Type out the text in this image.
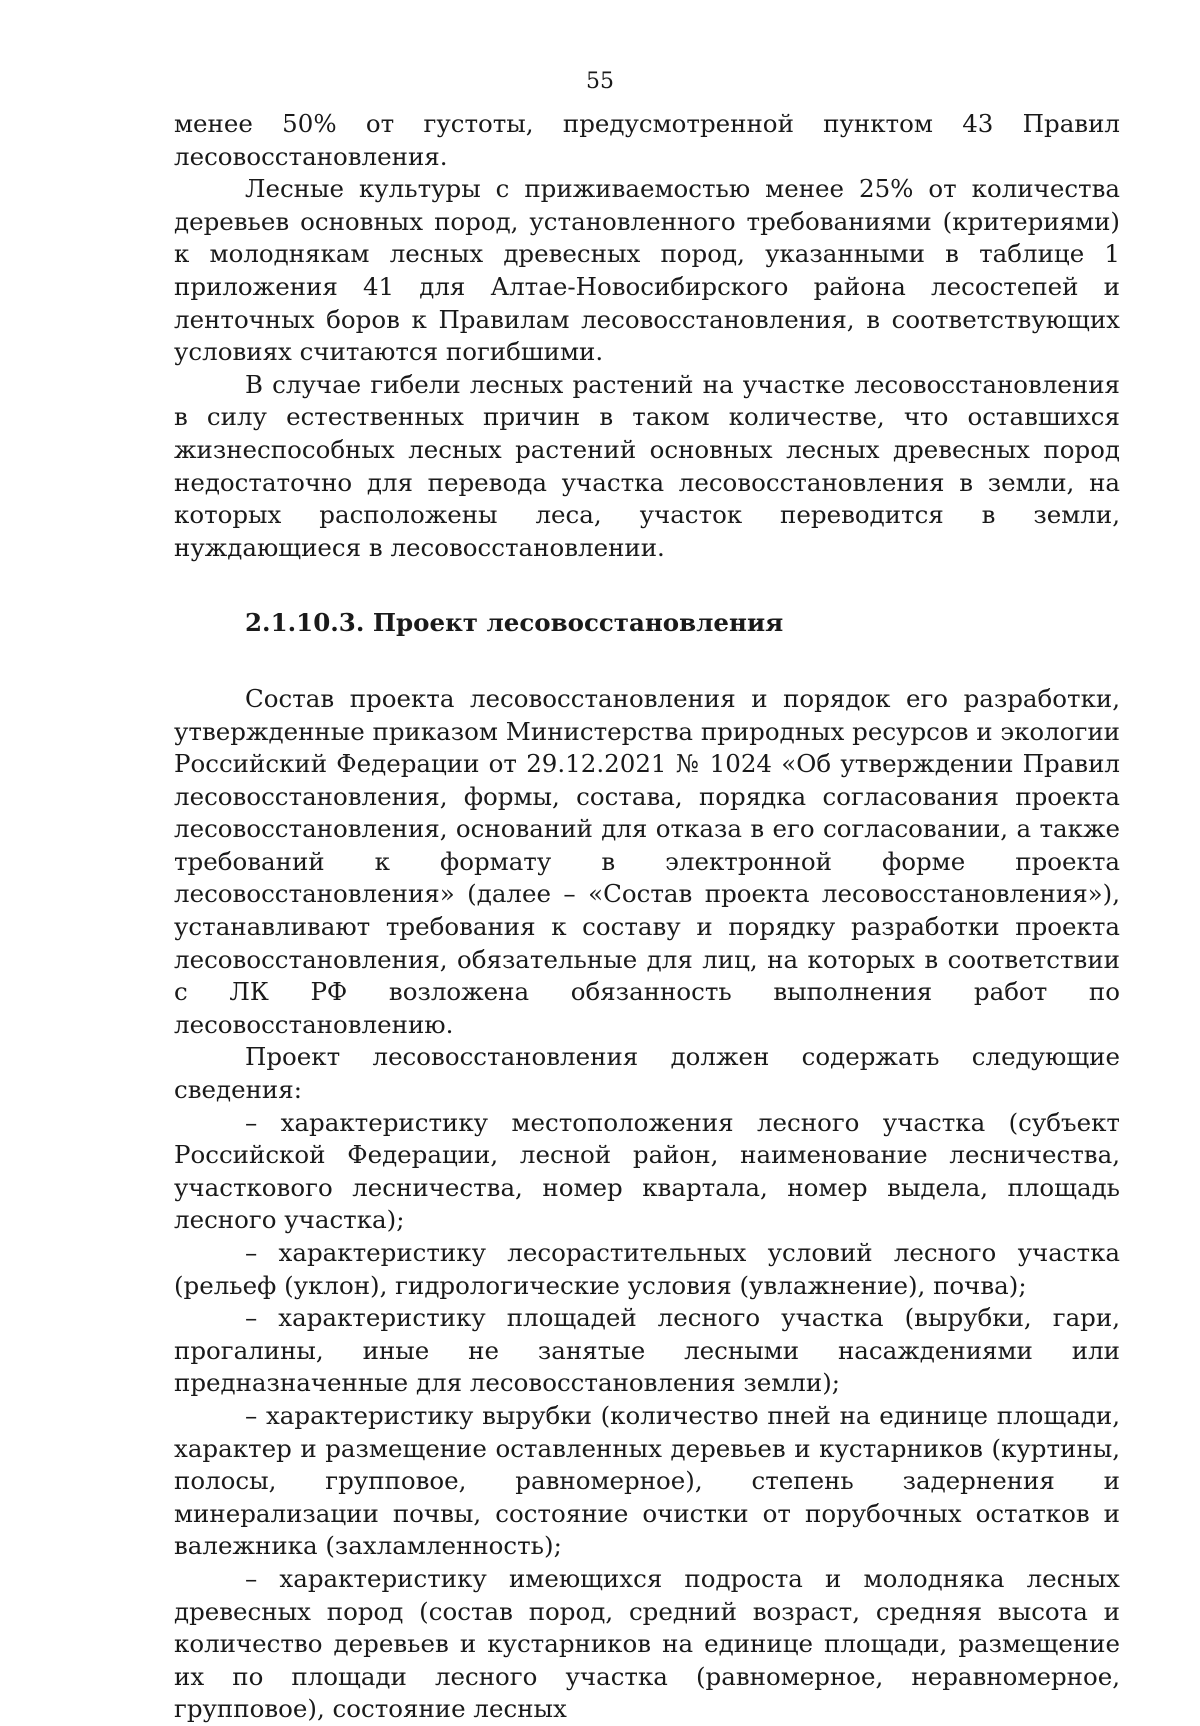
55

менее 50% от густоты, предусмотренной пунктом 43 Правил лесовосстановления.

Лесные культуры с приживаемостью менее 25% от количества деревьев основных пород, установленного требованиями (критериями) к молоднякам лесных древесных пород, указанными в таблице 1 приложения 41 для Алтае-Новосибирского района лесостепей и ленточных боров к Правилам лесовосстановления, в соответствующих условиях считаются погибшими.

В случае гибели лесных растений на участке лесовосстановления в силу естественных причин в таком количестве, что оставшихся жизнеспособных лесных растений основных лесных древесных пород недостаточно для перевода участка лесовосстановления в земли, на которых расположены леса, участок переводится в земли, нуждающиеся в лесовосстановлении.

2.1.10.3. Проект лесовосстановления

Состав проекта лесовосстановления и порядок его разработки, утвержденные приказом Министерства природных ресурсов и экологии Российский Федерации от 29.12.2021 № 1024 «Об утверждении Правил лесовосстановления, формы, состава, порядка согласования проекта лесовосстановления, оснований для отказа в его согласовании, а также требований к формату в электронной форме проекта лесовосстановления» (далее – «Состав проекта лесовосстановления»), устанавливают требования к составу и порядку разработки проекта лесовосстановления, обязательные для лиц, на которых в соответствии с ЛК РФ возложена обязанность выполнения работ по лесовосстановлению.

Проект лесовосстановления должен содержать следующие сведения:

– характеристику местоположения лесного участка (субъект Российской Федерации, лесной район, наименование лесничества, участкового лесничества, номер квартала, номер выдела, площадь лесного участка);

– характеристику лесорастительных условий лесного участка (рельеф (уклон), гидрологические условия (увлажнение), почва);

– характеристику площадей лесного участка (вырубки, гари, прогалины, иные не занятые лесными насаждениями или предназначенные для лесовосстановления земли);

– характеристику вырубки (количество пней на единице площади, характер и размещение оставленных деревьев и кустарников (куртины, полосы, групповое, равномерное), степень задернения и минерализации почвы, состояние очистки от порубочных остатков и валежника (захламленность);

– характеристику имеющихся подроста и молодняка лесных древесных пород (состав пород, средний возраст, средняя высота и количество деревьев и кустарников на единице площади, размещение их по площади лесного участка (равномерное, неравномерное, групповое), состояние лесных
